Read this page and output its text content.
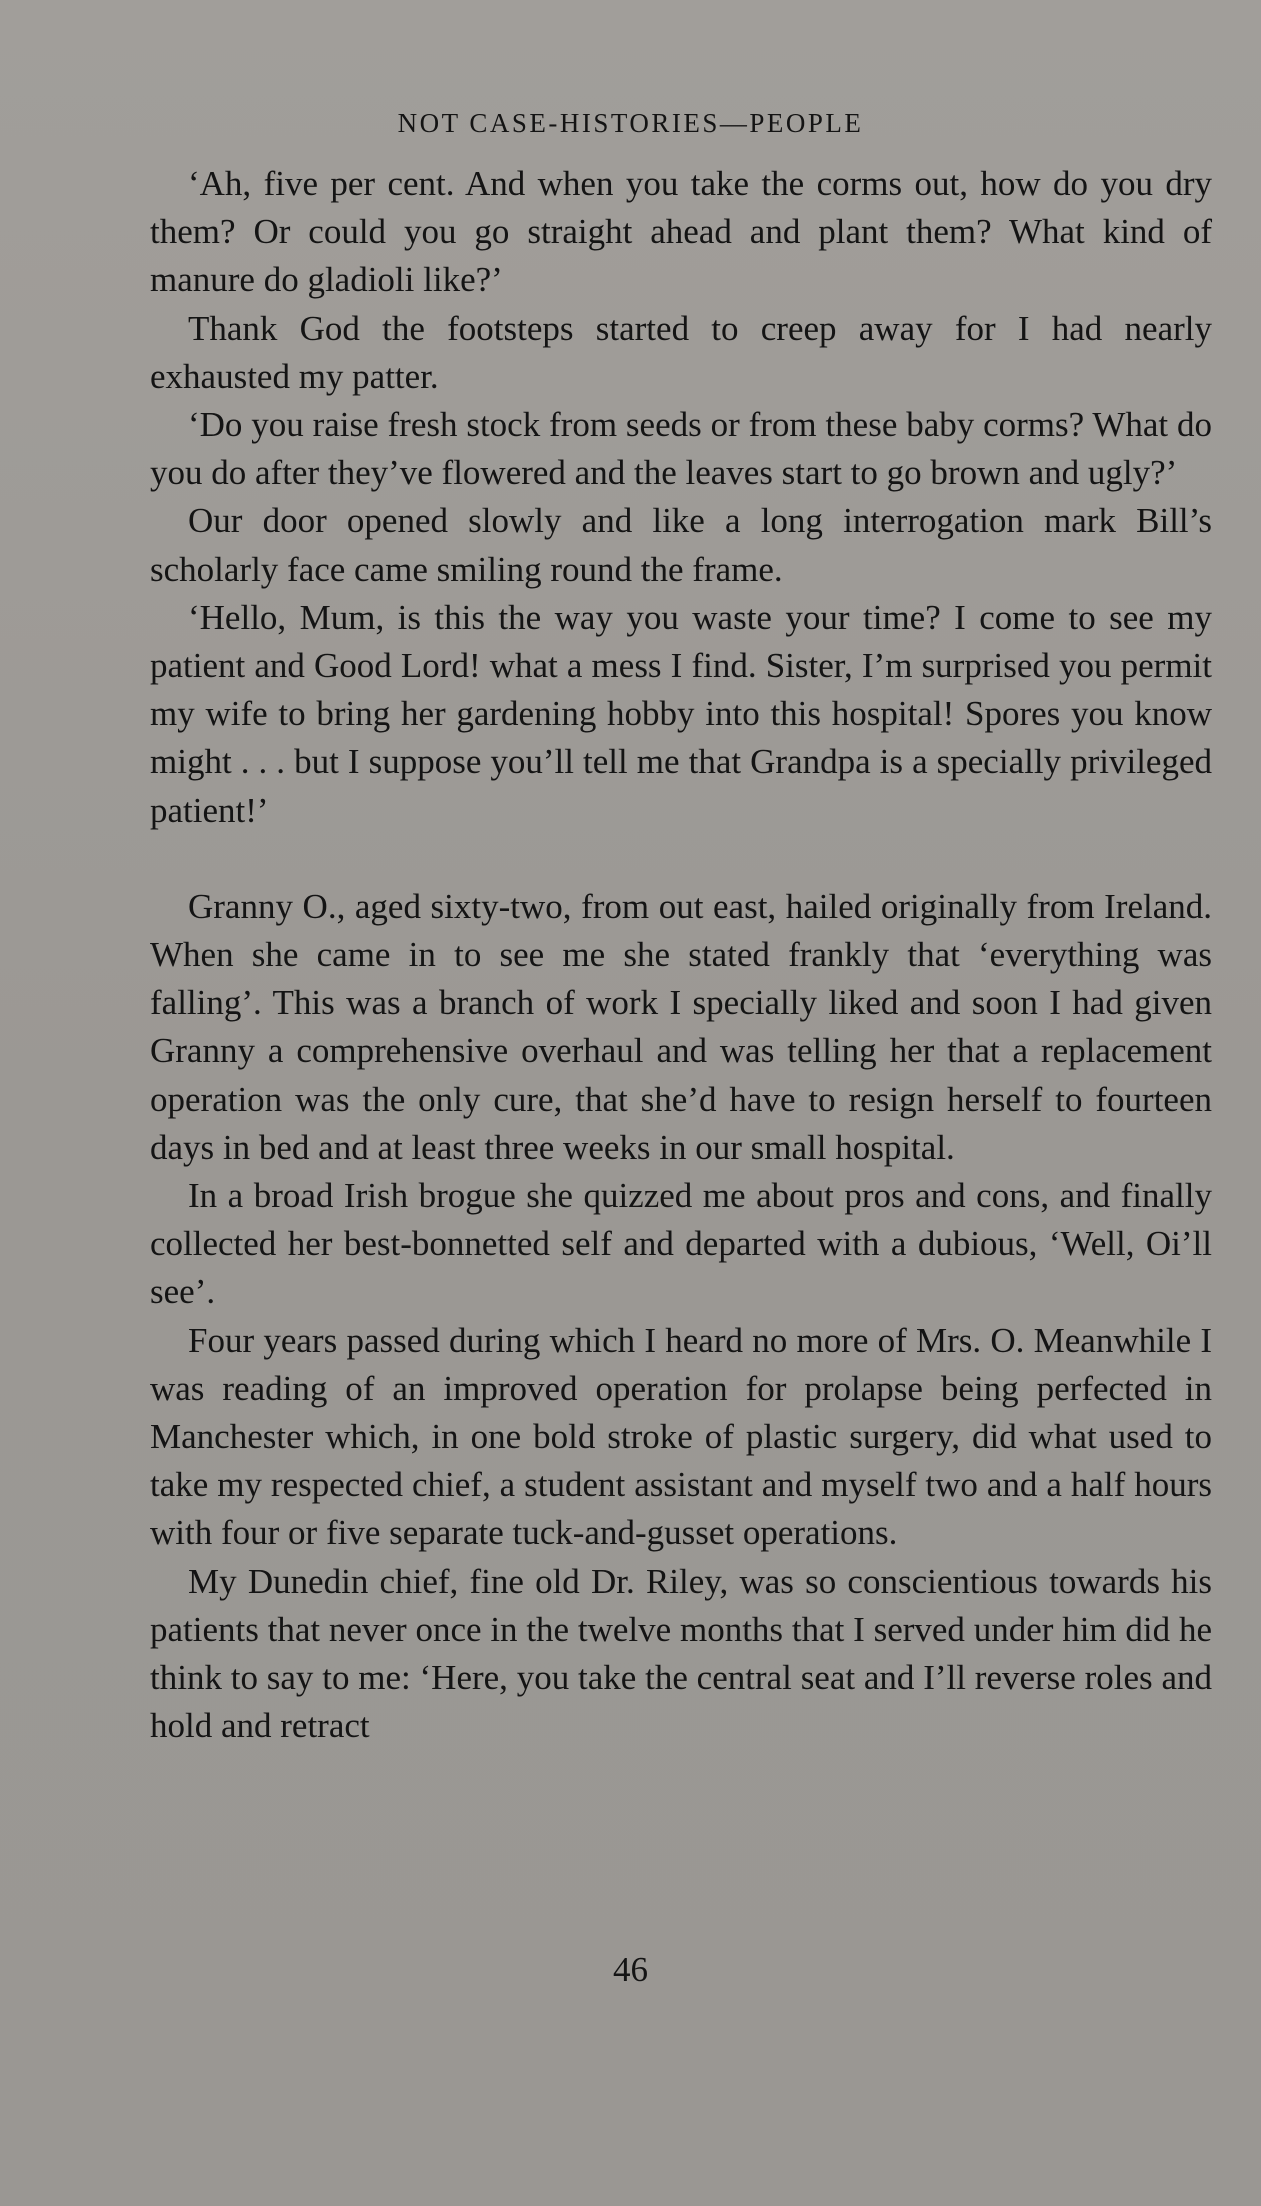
NOT CASE-HISTORIES—PEOPLE

‘Ah, five per cent. And when you take the corms out, how do you dry them? Or could you go straight ahead and plant them? What kind of manure do gladioli like?’

Thank God the footsteps started to creep away for I had nearly exhausted my patter.

‘Do you raise fresh stock from seeds or from these baby corms? What do you do after they’ve flowered and the leaves start to go brown and ugly?’

Our door opened slowly and like a long interrogation mark Bill’s scholarly face came smiling round the frame.

‘Hello, Mum, is this the way you waste your time? I come to see my patient and Good Lord! what a mess I find. Sister, I’m surprised you permit my wife to bring her gardening hobby into this hospital! Spores you know might . . . but I suppose you’ll tell me that Grandpa is a specially privileged patient!’

Granny O., aged sixty-two, from out east, hailed originally from Ireland. When she came in to see me she stated frankly that ‘everything was falling’. This was a branch of work I specially liked and soon I had given Granny a comprehensive overhaul and was telling her that a replacement operation was the only cure, that she’d have to resign herself to fourteen days in bed and at least three weeks in our small hospital.

In a broad Irish brogue she quizzed me about pros and cons, and finally collected her best-bonnetted self and departed with a dubious, ‘Well, Oi’ll see’.

Four years passed during which I heard no more of Mrs. O. Meanwhile I was reading of an improved operation for prolapse being perfected in Manchester which, in one bold stroke of plastic surgery, did what used to take my respected chief, a student assistant and myself two and a half hours with four or five separate tuck-and-gusset operations.

My Dunedin chief, fine old Dr. Riley, was so conscientious towards his patients that never once in the twelve months that I served under him did he think to say to me: ‘Here, you take the central seat and I’ll reverse roles and hold and retract

46
